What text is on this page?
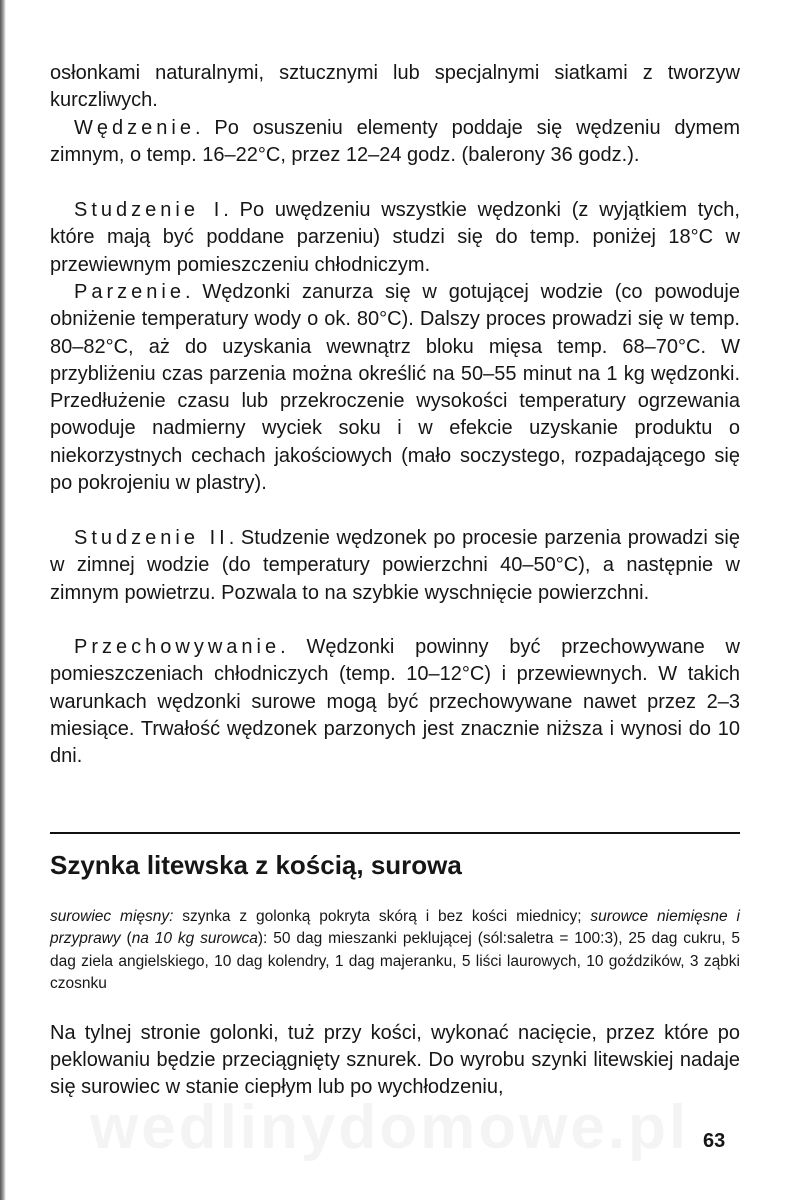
osłonkami naturalnymi, sztucznymi lub specjalnymi siatkami z tworzyw kurczliwych.

Wędzenie. Po osuszeniu elementy poddaje się wędzeniu dymem zimnym, o temp. 16–22°C, przez 12–24 godz. (balerony 36 godz.).

Studzenie I. Po uwędzeniu wszystkie wędzonki (z wyjątkiem tych, które mają być poddane parzeniu) studzi się do temp. poniżej 18°C w przewiewnym pomieszczeniu chłodniczym.

Parzenie. Wędzonki zanurza się w gotującej wodzie (co powoduje obniżenie temperatury wody o ok. 80°C). Dalszy proces prowadzi się w temp. 80–82°C, aż do uzyskania wewnątrz bloku mięsa temp. 68–70°C. W przybliżeniu czas parzenia można określić na 50–55 minut na 1 kg wędzonki. Przedłużenie czasu lub przekroczenie wysokości temperatury ogrzewania powoduje nadmierny wyciek soku i w efekcie uzyskanie produktu o niekorzystnych cechach jakościowych (mało soczystego, rozpadającego się po pokrojeniu w plastry).

Studzenie II. Studzenie wędzonek po procesie parzenia prowadzi się w zimnej wodzie (do temperatury powierzchni 40–50°C), a następnie w zimnym powietrzu. Pozwala to na szybkie wyschnięcie powierzchni.

Przechowywanie. Wędzonki powinny być przechowywane w pomieszczeniach chłodniczych (temp. 10–12°C) i przewiewnych. W takich warunkach wędzonki surowe mogą być przechowywane nawet przez 2–3 miesiące. Trwałość wędzonek parzonych jest znacznie niższa i wynosi do 10 dni.

Szynka litewska z kością, surowa

surowiec mięsny: szynka z golonką pokryta skórą i bez kości miednicy; surowce niemięsne i przyprawy (na 10 kg surowca): 50 dag mieszanki peklującej (sól:saletra = 100:3), 25 dag cukru, 5 dag ziela angielskiego, 10 dag kolendry, 1 dag majeranku, 5 liści laurowych, 10 goździków, 3 ząbki czosnku

Na tylnej stronie golonki, tuż przy kości, wykonać nacięcie, przez które po peklowaniu będzie przeciągnięty sznurek. Do wyrobu szynki litewskiej nadaje się surowiec w stanie ciepłym lub po wychłodzeniu,

63
